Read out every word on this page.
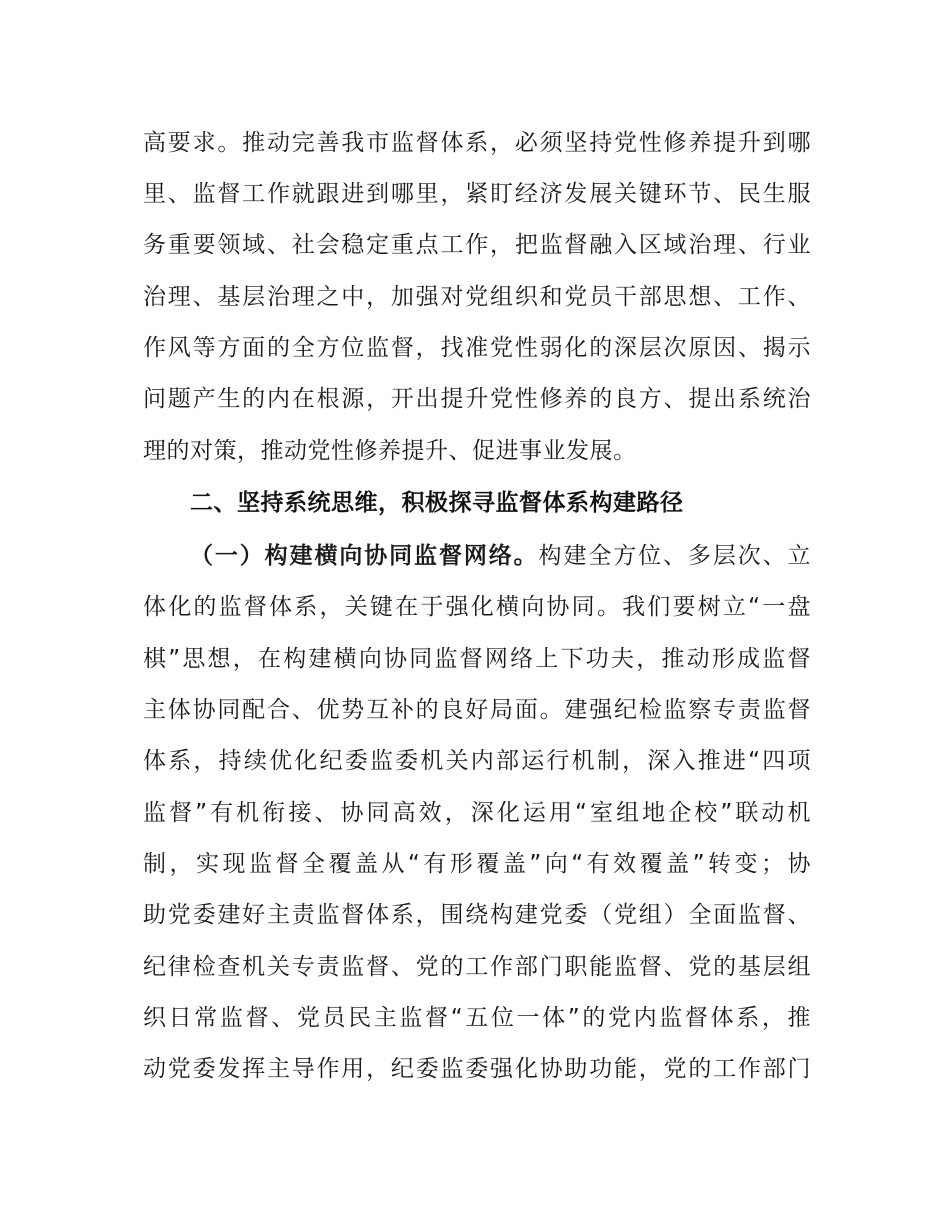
高要求。推动完善我市监督体系，必须坚持党性修养提升到哪
里、监督工作就跟进到哪里，紧盯经济发展关键环节、民生服
务重要领域、社会稳定重点工作，把监督融入区域治理、行业
治理、基层治理之中，加强对党组织和党员干部思想、工作、
作风等方面的全方位监督，找准党性弱化的深层次原因、揭示
问题产生的内在根源，开出提升党性修养的良方、提出系统治
理的对策，推动党性修养提升、促进事业发展。
二、坚持系统思维，积极探寻监督体系构建路径
（一）构建横向协同监督网络。构建全方位、多层次、立
体化的监督体系，关键在于强化横向协同。我们要树立“一盘
棋”思想，在构建横向协同监督网络上下功夫，推动形成监督
主体协同配合、优势互补的良好局面。建强纪检监察专责监督
体系，持续优化纪委监委机关内部运行机制，深入推进“四项
监督”有机衔接、协同高效，深化运用“室组地企校”联动机
制，实现监督全覆盖从“有形覆盖”向“有效覆盖”转变；协
助党委建好主责监督体系，围绕构建党委（党组）全面监督、
纪律检查机关专责监督、党的工作部门职能监督、党的基层组
织日常监督、党员民主监督“五位一体”的党内监督体系，推
动党委发挥主导作用，纪委监委强化协助功能，党的工作部门
